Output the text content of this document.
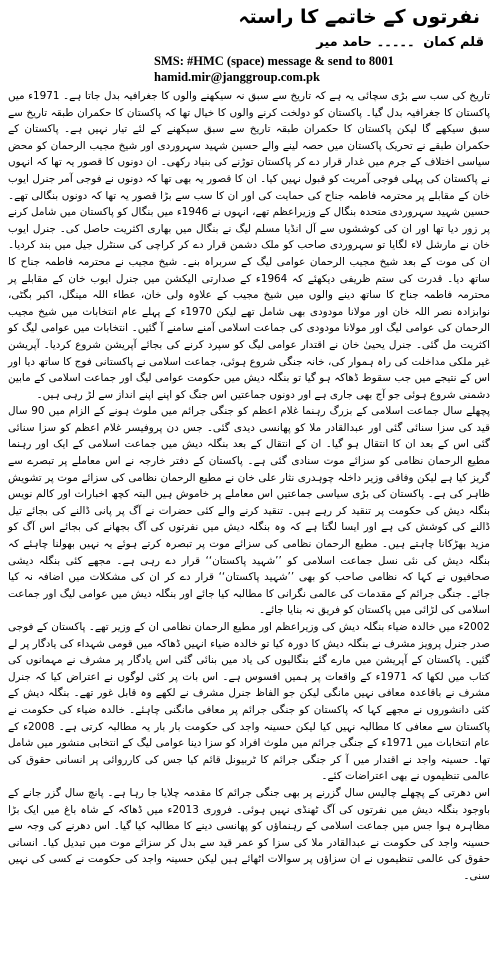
نفرتوں کے خاتمے کا راستہ
قلم کمان ۔۔۔۔۔ حامد میر
SMS: #HMC (space) message & send to 8001
hamid.mir@janggroup.com.pk

تاریخ کی سب سے بڑی سچائی یہ ہے کہ تاریخ سے سبق نہ سیکھنے والوں کا جغرافیہ بدل جاتا ہے۔ 1971ء میں پاکستان کا جغرافیہ بدل گیا۔ پاکستان کو دولخت کرنے والوں کا خیال تھا کہ پاکستان کا حکمران طبقہ تاریخ سے سبق سیکھے گا لیکن پاکستان کا حکمران طبقہ تاریخ سے سبق سیکھنے کے لئے تیار نہیں ہے۔ پاکستان کے حکمران طبقے نے تحریک پاکستان میں حصہ لینے والے حسین شہید سہروردی اور شیخ مجیب الرحمان کو محض سیاسی اختلاف کے جرم میں غدار قرار دے کر پاکستان توڑنے کی بنیاد رکھی۔ ان دونوں کا قصور یہ تھا کہ انہوں نے پاکستان کی پہلی فوجی آمریت کو قبول نہیں کیا۔ ان کا قصور یہ بھی تھا کہ دونوں نے فوجی آمر جنرل ایوب خان کے مقابلے پر محترمہ فاطمہ جناح کی حمایت کی اور ان کا سب سے بڑا قصور یہ تھا کہ دونوں بنگالی تھے۔ حسین شہید سہروردی متحدہ بنگال کے وزیراعظم تھے، انہوں نے 1946ء میں بنگال کو پاکستان میں شامل کرنے پر زور دیا تھا اور ان کی کوششوں سے آل انڈیا مسلم لیگ نے بنگال میں بھاری اکثریت حاصل کی۔ جنرل ایوب خان نے مارشل لاء لگایا تو سہروردی صاحب کو ملک دشمن قرار دے کر کراچی کی سنٹرل جیل میں بند کردیا۔ ان کی موت کے بعد شیخ مجیب الرحمان عوامی لیگ کے سربراہ بنے۔ شیخ مجیب نے محترمہ فاطمہ جناح کا ساتھ دیا۔ قدرت کی ستم ظریفی دیکھئے کہ 1964ء کے صدارتی الیکشن میں جنرل ایوب خان کے مقابلے پر محترمہ فاطمہ جناح کا ساتھ دینے والوں میں شیخ مجیب کے علاوہ ولی خان، عطاء اللہ مینگل، اکبر بگٹی، نوابزادہ نصر اللہ خان اور مولانا مودودی بھی شامل تھے لیکن 1970ء کے پہلے عام انتخابات میں شیخ مجیب الرحمان کی عوامی لیگ اور مولانا مودودی کی جماعت اسلامی آمنے سامنے آ گئیں۔ انتخابات میں عوامی لیگ کو اکثریت مل گئی۔ جنرل یحییٰ خان نے اقتدار عوامی لیگ کو سپرد کرنے کی بجائے آپریشن شروع کردیا۔ آپریشن غیر ملکی مداخلت کی راہ ہموار کی، خانہ جنگی شروع ہوئی، جماعت اسلامی نے پاکستانی فوج کا ساتھ دیا اور اس کے نتیجے میں جب سقوط ڈھاکہ ہو گیا تو بنگلہ دیش میں حکومت عوامی لیگ اور جماعت اسلامی کے مابین دشمنی شروع ہوئی جو آج بھی جاری ہے اور دونوں جماعتیں اس جنگ کو اپنے اپنے انداز سے لڑ رہی ہیں۔

پچھلے سال جماعت اسلامی کے بزرگ رہنما غلام اعظم کو جنگی جرائم میں ملوث ہونے کے الزام میں 90 سال قید کی سزا سنائی گئی اور عبدالقادر ملا کو پھانسی دیدی گئی۔ جس دن پروفیسر غلام اعظم کو سزا سنائی گئی اس کے بعد ان کا انتقال ہو گیا۔ ان کے انتقال کے بعد بنگلہ دیش میں جماعت اسلامی کے ایک اور رہنما مطیع الرحمان نظامی کو سزائے موت سنادی گئی ہے۔ پاکستان کے دفتر خارجہ نے اس معاملے پر تبصرے سے گریز کیا ہے لیکن وفاقی وزیر داخلہ چوہدری نثار علی خان نے مطیع الرحمان نظامی کی سزائے موت پر تشویش ظاہر کی ہے۔ پاکستان کی بڑی سیاسی جماعتیں اس معاملے پر خاموش ہیں البتہ کچھ اخبارات اور کالم نویس بنگلہ دیش کی حکومت پر تنقید کر رہے ہیں۔ تنقید کرنے والے کئی حضرات نے آگ پر پانی ڈالنے کی بجائے تیل ڈالنے کی کوشش کی ہے اور ایسا لگتا ہے کہ وہ بنگلہ دیش میں نفرتوں کی آگ بجھانے کی بجائے اس آگ کو مزید بھڑکانا چاہتے ہیں۔ مطیع الرحمان نظامی کی سزائے موت پر تبصرہ کرتے ہوئے یہ نہیں بھولنا چاہئے کہ بنگلہ دیش کی نئی نسل جماعت اسلامی کو ’’شہید پاکستان‘‘ قرار دے رہی ہے۔ مجھے کئی بنگلہ دیشی صحافیوں نے کہا کہ نظامی صاحب کو بھی ’’شہید پاکستان‘‘ قرار دے کر ان کی مشکلات میں اضافہ نہ کیا جائے۔ جنگی جرائم کے مقدمات کی عالمی نگرانی کا مطالبہ کیا جائے اور بنگلہ دیش میں عوامی لیگ اور جماعت اسلامی کی لڑائی میں پاکستان کو فریق نہ بنایا جائے۔

2002ء میں خالدہ ضیاء بنگلہ دیش کی وزیراعظم اور مطیع الرحمان نظامی ان کے وزیر تھے۔ پاکستان کے فوجی صدر جنرل پرویز مشرف نے بنگلہ دیش کا دورہ کیا تو خالدہ ضیاء انہیں ڈھاکہ میں قومی شہداء کی یادگار پر لے گئیں۔ پاکستان کے آپریشن میں مارے گئے بنگالیوں کی یاد میں بنائی گئی اس یادگار پر مشرف نے مہمانوں کی کتاب میں لکھا کہ 1971ء کے واقعات پر ہمیں افسوس ہے۔ اس بات پر کئی لوگوں نے اعتراض کیا کہ جنرل مشرف نے باقاعدہ معافی نہیں مانگی لیکن جو الفاظ جنرل مشرف نے لکھے وہ قابل غور تھے۔ بنگلہ دیش کے کئی دانشوروں نے مجھے کہا کہ پاکستان کو جنگی جرائم پر معافی مانگنی چاہئے۔ خالدہ ضیاء کی حکومت نے پاکستان سے معافی کا مطالبہ نہیں کیا لیکن حسینہ واجد کی حکومت بار بار یہ مطالبہ کرتی ہے۔ 2008ء کے عام انتخابات میں 1971ء کے جنگی جرائم میں ملوث افراد کو سزا دینا عوامی لیگ کے انتخابی منشور میں شامل تھا۔ حسینہ واجد نے اقتدار میں آ کر جنگی جرائم کا ٹربیونل قائم کیا جس کی کارروائی پر انسانی حقوق کی عالمی تنظیموں نے بھی اعتراضات کئے۔

اس دھرتی کے پچھلے چالیس سال گزرنے پر بھی جنگی جرائم کا مقدمہ چلایا جا رہا ہے۔ پانچ سال گزر جانے کے باوجود بنگلہ دیش میں نفرتوں کی آگ ٹھنڈی نہیں ہوئی۔ فروری 2013ء میں ڈھاکہ کے شاہ باغ میں ایک بڑا مظاہرہ ہوا جس میں جماعت اسلامی کے رہنماؤں کو پھانسی دینے کا مطالبہ کیا گیا۔ اس دھرنے کی وجہ سے حسینہ واجد کی حکومت نے عبدالقادر ملا کی سزا کو عمر قید سے بدل کر سزائے موت میں تبدیل کیا۔ انسانی حقوق کی عالمی تنظیموں نے ان سزاؤں پر سوالات اٹھائے ہیں لیکن حسینہ واجد کی حکومت نے کسی کی نہیں سنی۔
